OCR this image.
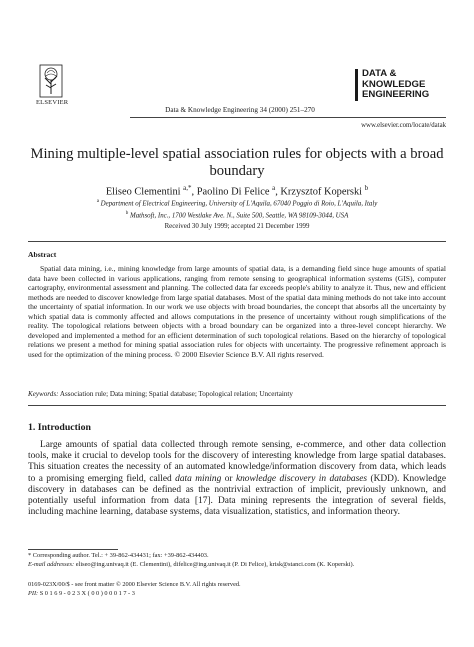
ELSEVIER
Data & Knowledge Engineering 34 (2000) 251–270
DATA &
KNOWLEDGE
ENGINEERING
www.elsevier.com/locate/datak
Mining multiple-level spatial association rules for objects with a broad boundary
Eliseo Clementini $^{a,*}$, Paolino Di Felice $^a$, Krzysztof Koperski $^b$
$^a$ Department of Electrical Engineering, University of L'Aquila, 67040 Poggio di Roio, L'Aquila, Italy
$^b$ Mathsoft, Inc., 1700 Westlake Ave. N., Suite 500, Seattle, WA 98109-3044, USA
Received 30 July 1999; accepted 21 December 1999
Abstract
Spatial data mining, i.e., mining knowledge from large amounts of spatial data, is a demanding field since huge amounts of spatial data have been collected in various applications, ranging from remote sensing to geographical information systems (GIS), computer cartography, environmental assessment and planning. The collected data far exceeds people's ability to analyze it. Thus, new and efficient methods are needed to discover knowledge from large spatial databases. Most of the spatial data mining methods do not take into account the uncertainty of spatial information. In our work we use objects with broad boundaries, the concept that absorbs all the uncertainty by which spatial data is commonly affected and allows computations in the presence of uncertainty without rough simplifications of the reality. The topological relations between objects with a broad boundary can be organized into a three-level concept hierarchy. We developed and implemented a method for an efficient determination of such topological relations. Based on the hierarchy of topological relations we present a method for mining spatial association rules for objects with uncertainty. The progressive refinement approach is used for the optimization of the mining process. © 2000 Elsevier Science B.V. All rights reserved.
Keywords: Association rule; Data mining; Spatial database; Topological relation; Uncertainty
1. Introduction
Large amounts of spatial data collected through remote sensing, e-commerce, and other data collection tools, make it crucial to develop tools for the discovery of interesting knowledge from large spatial databases. This situation creates the necessity of an automated knowledge/information discovery from data, which leads to a promising emerging field, called data mining or knowledge discovery in databases (KDD). Knowledge discovery in databases can be defined as the nontrivial extraction of implicit, previously unknown, and potentially useful information from data [17]. Data mining represents the integration of several fields, including machine learning, database systems, data visualization, statistics, and information theory.
* Corresponding author. Tel.: + 39-862-434431; fax: +39-862-434403.
E-mail addresses: eliseo@ing.univaq.it (E. Clementini), difelice@ing.univaq.it (P. Di Felice), krisk@stanci.com (K. Koperski).
0169-023X/00/$ - see front matter © 2000 Elsevier Science B.V. All rights reserved.
PII: S 0 1 6 9 - 0 2 3 X ( 0 0 ) 0 0 0 1 7 - 3
